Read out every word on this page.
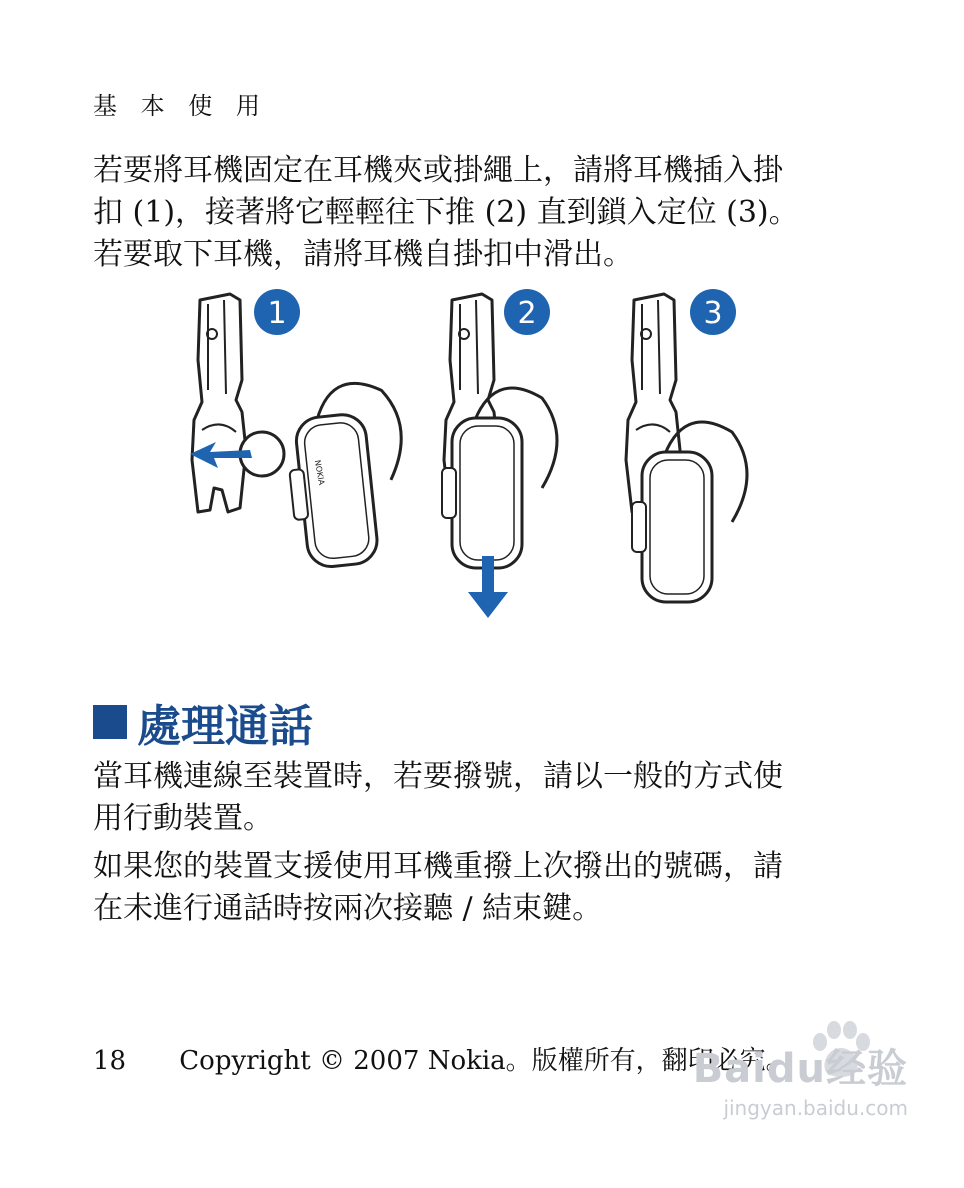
基 本 使 用
若要將耳機固定在耳機夾或掛繩上，請將耳機插入掛
扣 (1)，接著將它輕輕往下推 (2) 直到鎖入定位 (3)。
若要取下耳機，請將耳機自掛扣中滑出。
NOKIA
1	2	3
處理通話
當耳機連線至裝置時，若要撥號，請以一般的方式使
用行動裝置。
如果您的裝置支援使用耳機重撥上次撥出的號碼，請
在未進行通話時按兩次接聽 / 結束鍵。
18 Copyright © 2007 Nokia。版權所有，翻印必究。
Baidu经验
jingyan.baidu.com
